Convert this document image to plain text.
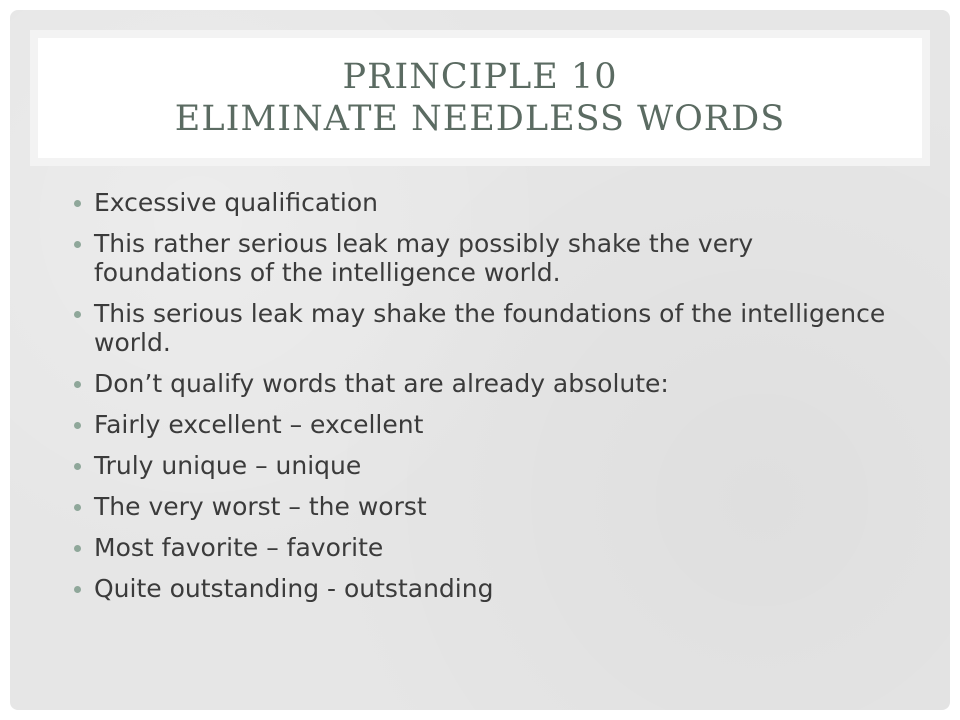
PRINCIPLE 10
ELIMINATE NEEDLESS WORDS
Excessive qualification
This rather serious leak may possibly shake the very foundations of the intelligence world.
This serious leak may shake the foundations of the intelligence world.
Don’t qualify words that are already absolute:
Fairly excellent – excellent
Truly unique – unique
The very worst – the worst
Most favorite – favorite
Quite outstanding - outstanding
